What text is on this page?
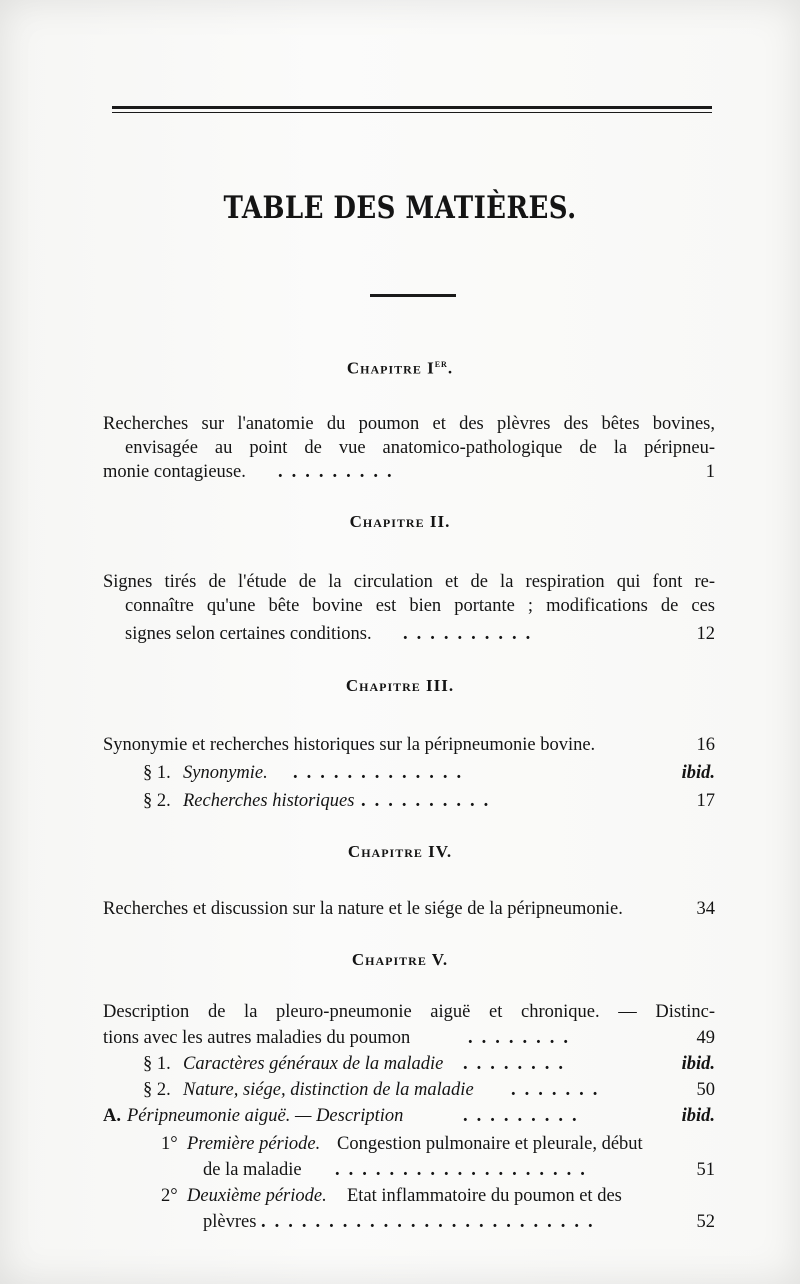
TABLE DES MATIÈRES.
Chapitre Ier.
Recherches sur l'anatomie du poumon et des plèvres des bêtes bovines,
envisagée au point de vue anatomico-pathologique de la péripneu-
monie contagieuse. .........	1
Chapitre II.
Signes tirés de l'étude de la circulation et de la respiration qui font re-
connaître qu'une bête bovine est bien portante ; modifications de ces
signes selon certaines conditions. ..........	12
Chapitre III.
Synonymie et recherches historiques sur la péripneumonie bovine.	16
§ 1. Synonymie. .............	ibid.
§ 2. Recherches historiques ..........	17
Chapitre IV.
Recherches et discussion sur la nature et le siége de la péripneumonie.	34
Chapitre V.
Description de la pleuro-pneumonie aiguë et chronique. — Distinc-
tions avec les autres maladies du poumon	........	49
§ 1. Caractères généraux de la maladie ........	ibid.
§ 2. Nature, siége, distinction de la maladie .......	50
A. Péripneumonie aiguë. — Description	.........	ibid.
1° Première période. Congestion pulmonaire et pleurale, début
de la maladie ...................	51
2° Deuxième période. Etat inflammatoire du poumon et des
plèvres .........................	52
